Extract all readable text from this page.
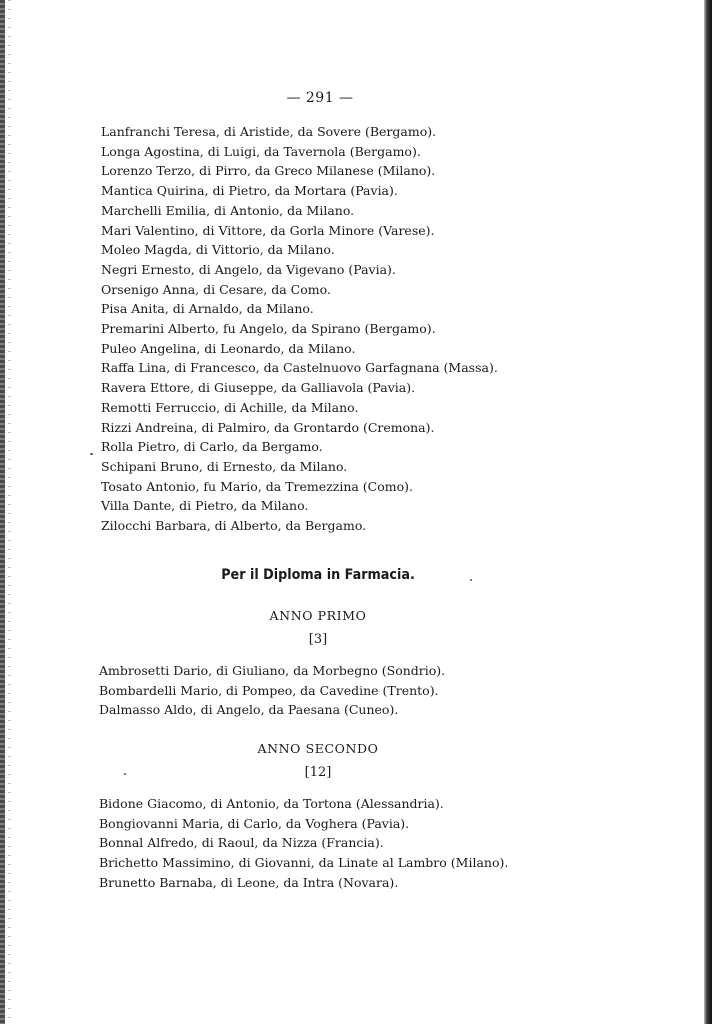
— 291 —
Lanfranchi Teresa, di Aristide, da Sovere (Bergamo).
Longa Agostina, di Luigi, da Tavernola (Bergamo).
Lorenzo Terzo, di Pirro, da Greco Milanese (Milano).
Mantica Quirina, di Pietro, da Mortara (Pavia).
Marchelli Emilia, di Antonio, da Milano.
Mari Valentino, di Vittore, da Gorla Minore (Varese).
Moleo Magda, di Vittorio, da Milano.
Negri Ernesto, di Angelo, da Vigevano (Pavia).
Orsenigo Anna, di Cesare, da Como.
Pisa Anita, di Arnaldo, da Milano.
Premarini Alberto, fu Angelo, da Spirano (Bergamo).
Puleo Angelina, di Leonardo, da Milano.
Raffa Lina, di Francesco, da Castelnuovo Garfagnana (Massa).
Ravera Ettore, di Giuseppe, da Galliavola (Pavia).
Remotti Ferruccio, di Achille, da Milano.
Rizzi Andreina, di Palmiro, da Grontardo (Cremona).
Rolla Pietro, di Carlo, da Bergamo.
Schipani Bruno, di Ernesto, da Milano.
Tosato Antonio, fu Mario, da Tremezzina (Como).
Villa Dante, di Pietro, da Milano.
Zilocchi Barbara, di Alberto, da Bergamo.
Per il Diploma in Farmacia.
ANNO PRIMO
[3]
Ambrosetti Dario, di Giuliano, da Morbegno (Sondrio).
Bombardelli Mario, di Pompeo, da Cavedine (Trento).
Dalmasso Aldo, di Angelo, da Paesana (Cuneo).
ANNO SECONDO
[12]
Bidone Giacomo, di Antonio, da Tortona (Alessandria).
Bongiovanni Maria, di Carlo, da Voghera (Pavia).
Bonnal Alfredo, di Raoul, da Nizza (Francia).
Brichetto Massimino, di Giovanni, da Linate al Lambro (Milano).
Brunetto Barnaba, di Leone, da Intra (Novara).
